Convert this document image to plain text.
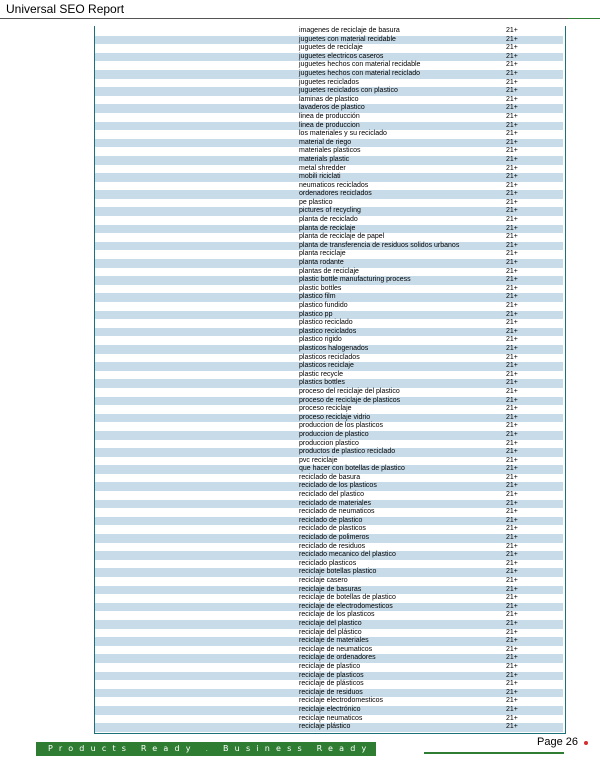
Universal SEO Report
imagenes de reciclaje de basura	21+
juguetes con material recidable	21+
juguetes de reciclaje	21+
juguetes electricos caseros	21+
juguetes hechos con material recidable	21+
juguetes hechos con material reciclado	21+
juguetes reciclados	21+
juguetes reciclados con plastico	21+
laminas de plastico	21+
lavaderos de plastico	21+
linea de producción	21+
linea de produccion	21+
los materiales y su reciclado	21+
material de riego	21+
materiales plasticos	21+
materials plastic	21+
metal shredder	21+
mobili riciclati	21+
neumaticos reciclados	21+
ordenadores reciclados	21+
pe plastico	21+
pictures of recycling	21+
planta de reciclado	21+
planta de reciclaje	21+
planta de reciclaje de papel	21+
planta de transferencia de residuos solidos urbanos	21+
planta reciclaje	21+
planta rodante	21+
plantas de reciclaje	21+
plastic bottle manufacturing process	21+
plastic bottles	21+
plastico film	21+
plastico fundido	21+
plastico pp	21+
plastico reciclado	21+
plastico reciclados	21+
plastico rigido	21+
plasticos halogenados	21+
plasticos reciclados	21+
plasticos reciclaje	21+
plastic recycle	21+
plastics bottles	21+
proceso del reciclaje del plastico	21+
proceso de reciclaje de plasticos	21+
proceso reciclaje	21+
proceso reciclaje vidrio	21+
produccion de los plasticos	21+
produccion de plastico	21+
produccion plastico	21+
productos de plastico reciclado	21+
pvc reciclaje	21+
que hacer con botellas de plastico	21+
reciclado de basura	21+
reciclado de los plasticos	21+
reciclado del plastico	21+
reciclado de materiales	21+
reciclado de neumaticos	21+
reciclado de plastico	21+
reciclado de plasticos	21+
reciclado de polimeros	21+
reciclado de residuos	21+
reciclado mecanico del plastico	21+
reciclado plasticos	21+
reciclaje botellas plastico	21+
reciclaje casero	21+
reciclaje de basuras	21+
reciclaje de botellas de plastico	21+
reciclaje de electrodomesticos	21+
reciclaje de los plasticos	21+
reciclaje del plastico	21+
reciclaje del plástico	21+
reciclaje de materiales	21+
reciclaje de neumaticos	21+
reciclaje de ordenadores	21+
reciclaje de plastico	21+
reciclaje de plasticos	21+
reciclaje de plásticos	21+
reciclaje de residuos	21+
reciclaje electrodomesticos	21+
reciclaje electrónico	21+
reciclaje neumaticos	21+
reciclaje plástico	21+
Page 26
Products Ready . Business Ready
